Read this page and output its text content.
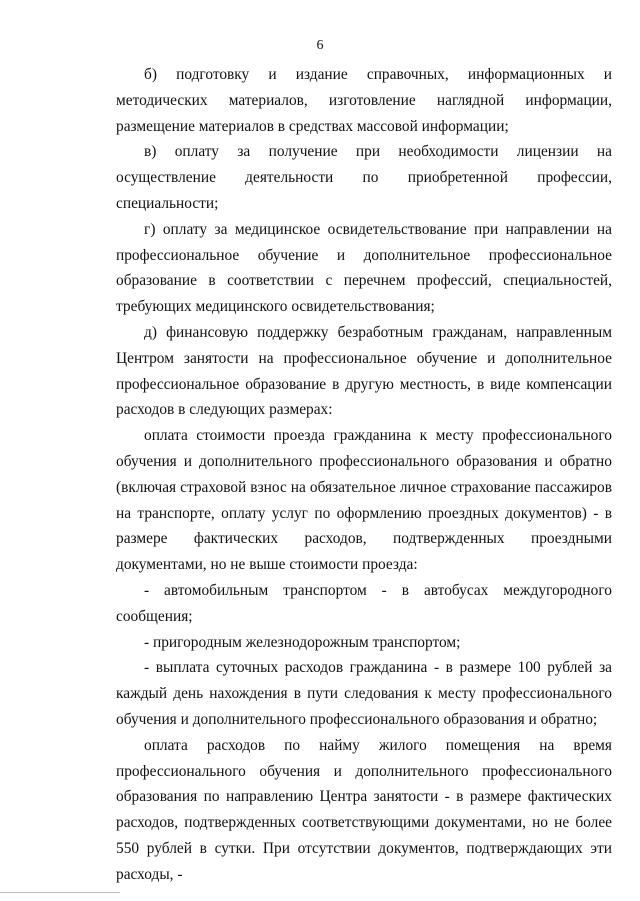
6

б) подготовку и издание справочных, информационных и методических материалов, изготовление наглядной информации, размещение материалов в средствах массовой информации;

в) оплату за получение при необходимости лицензии на осуществление деятельности по приобретенной профессии, специальности;

г) оплату за медицинское освидетельствование при направлении на профессиональное обучение и дополнительное профессиональное образование в соответствии с перечнем профессий, специальностей, требующих медицинского освидетельствования;

д) финансовую поддержку безработным гражданам, направленным Центром занятости на профессиональное обучение и дополнительное профессиональное образование в другую местность, в виде компенсации расходов в следующих размерах:

оплата стоимости проезда гражданина к месту профессионального обучения и дополнительного профессионального образования и обратно (включая страховой взнос на обязательное личное страхование пассажиров на транспорте, оплату услуг по оформлению проездных документов) - в размере фактических расходов, подтвержденных проездными документами, но не выше стоимости проезда:

- автомобильным транспортом - в автобусах междугородного сообщения;

- пригородным железнодорожным транспортом;

- выплата суточных расходов гражданина - в размере 100 рублей за каждый день нахождения в пути следования к месту профессионального обучения и дополнительного профессионального образования и обратно;

оплата расходов по найму жилого помещения на время профессионального обучения и дополнительного профессионального образования по направлению Центра занятости - в размере фактических расходов, подтвержденных соответствующими документами, но не более 550 рублей в сутки. При отсутствии документов, подтверждающих эти расходы, -
